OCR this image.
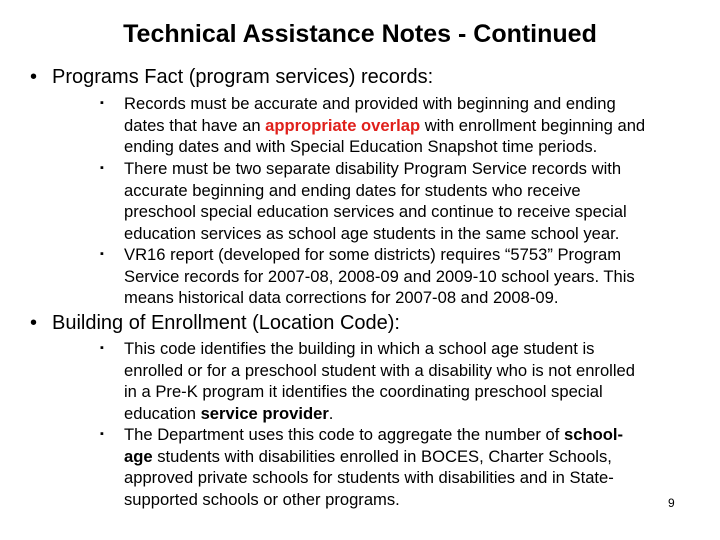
Technical Assistance Notes - Continued
• Programs Fact (program services) records:
▪ Records must be accurate and provided with beginning and ending
dates that have an appropriate overlap with enrollment beginning and
ending dates and with Special Education Snapshot time periods.
▪ There must be two separate disability Program Service records with
accurate beginning and ending dates for students who receive
preschool special education services and continue to receive special
education services as school age students in the same school year.
▪ VR16 report (developed for some districts) requires “5753” Program
Service records for 2007-08, 2008-09 and 2009-10 school years. This
means historical data corrections for 2007-08 and 2008-09.
• Building of Enrollment (Location Code):
▪ This code identifies the building in which a school age student is
enrolled or for a preschool student with a disability who is not enrolled
in a Pre-K program it identifies the coordinating preschool special
education service provider.
▪ The Department uses this code to aggregate the number of school-
age students with disabilities enrolled in BOCES, Charter Schools,
approved private schools for students with disabilities and in State-
supported schools or other programs.	9
